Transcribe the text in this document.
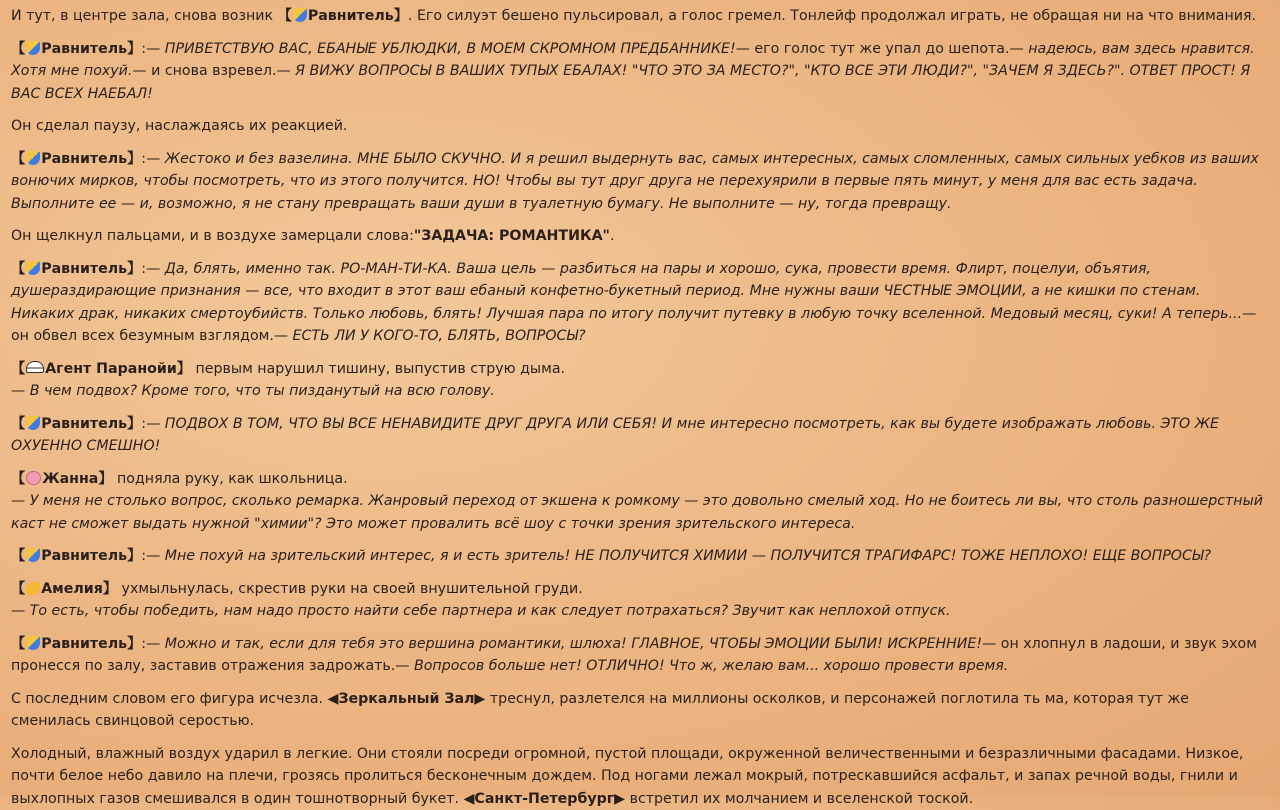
И тут, в центре зала, снова возник 【 Равнитель】. Его силуэт бешено пульсировал, а голос гремел. Тонлейф продолжал играть, не обращая ни на что внимания.

【 Равнитель】:— ПРИВЕТСТВУЮ ВАС, ЕБАНЫЕ УБЛЮДКИ, В МОЕМ СКРОМНОМ ПРЕДБАННИКЕ!— его голос тут же упал до шепота.— надеюсь, вам здесь нравится. Хотя мне похуй.— и снова взревел.— Я ВИЖУ ВОПРОСЫ В ВАШИХ ТУПЫХ ЕБАЛАХ! "ЧТО ЭТО ЗА МЕСТО?", "КТО ВСЕ ЭТИ ЛЮДИ?", "ЗАЧЕМ Я ЗДЕСЬ?". ОТВЕТ ПРОСТ! Я ВАС ВСЕХ НАЕБАЛ!

Он сделал паузу, наслаждаясь их реакцией.

【 Равнитель】:— Жестоко и без вазелина. МНЕ БЫЛО СКУЧНО. И я решил выдернуть вас, самых интересных, самых сломленных, самых сильных уебков из ваших вонючих мирков, чтобы посмотреть, что из этого получится. НО! Чтобы вы тут друг друга не перехуярили в первые пять минут, у меня для вас есть задача. Выполните ее — и, возможно, я не стану превращать ваши души в туалетную бумагу. Не выполните — ну, тогда превращу.

Он щелкнул пальцами, и в воздухе замерцали слова:"ЗАДАЧА: РОМАНТИКА".

【 Равнитель】:— Да, блять, именно так. РО-МАН-ТИ-КА. Ваша цель — разбиться на пары и хорошо, сука, провести время. Флирт, поцелуи, объятия, душераздирающие признания — все, что входит в этот ваш ебаный конфетно-букетный период. Мне нужны ваши ЧЕСТНЫЕ ЭМОЦИИ, а не кишки по стенам. Никаких драк, никаких смертоубийств. Только любовь, блять! Лучшая пара по итогу получит путевку в любую точку вселенной. Медовый месяц, суки! А теперь...— он обвел всех безумным взглядом.— ЕСТЬ ЛИ У КОГО-ТО, БЛЯТЬ, ВОПРОСЫ?

【 Агент Паранойи】 первым нарушил тишину, выпустив струю дыма.
— В чем подвох? Кроме того, что ты пизданутый на всю голову.

【 Равнитель】:— ПОДВОХ В ТОМ, ЧТО ВЫ ВСЕ НЕНАВИДИТЕ ДРУГ ДРУГА ИЛИ СЕБЯ! И мне интересно посмотреть, как вы будете изображать любовь. ЭТО ЖЕ ОХУЕННО СМЕШНО!

【 Жанна】 подняла руку, как школьница.
— У меня не столько вопрос, сколько ремарка. Жанровый переход от экшена к ромкому — это довольно смелый ход. Но не боитесь ли вы, что столь разношерстный каст не сможет выдать нужной "химии"? Это может провалить всё шоу с точки зрения зрительского интереса.

【 Равнитель】:— Мне похуй на зрительский интерес, я и есть зритель! НЕ ПОЛУЧИТСЯ ХИМИИ — ПОЛУЧИТСЯ ТРАГИФАРС! ТОЖЕ НЕПЛОХО! ЕЩЕ ВОПРОСЫ?

【 Амелия】 ухмыльнулась, скрестив руки на своей внушительной груди.
— То есть, чтобы победить, нам надо просто найти себе партнера и как следует потрахаться? Звучит как неплохой отпуск.

【 Равнитель】:— Можно и так, если для тебя это вершина романтики, шлюха! ГЛАВНОЕ, ЧТОБЫ ЭМОЦИИ БЫЛИ! ИСКРЕННИЕ!— он хлопнул в ладоши, и звук эхом пронесся по залу, заставив отражения задрожать.— Вопросов больше нет! ОТЛИЧНО! Что ж, желаю вам... хорошо провести время.

С последним словом его фигура исчезла. ◀Зеркальный Зал▶ треснул, разлетелся на миллионы осколков, и персонажей поглотила ть ма, которая тут же сменилась свинцовой серостью.

Холодный, влажный воздух ударил в легкие. Они стояли посреди огромной, пустой площади, окруженной величественными и безразличными фасадами. Низкое, почти белое небо давило на плечи, грозясь пролиться бесконечным дождем. Под ногами лежал мокрый, потрескавшийся асфальт, и запах речной воды, гнили и выхлопных газов смешивался в один тошнотворный букет. ◀Санкт-Петербург▶ встретил их молчанием и вселенской тоской.
